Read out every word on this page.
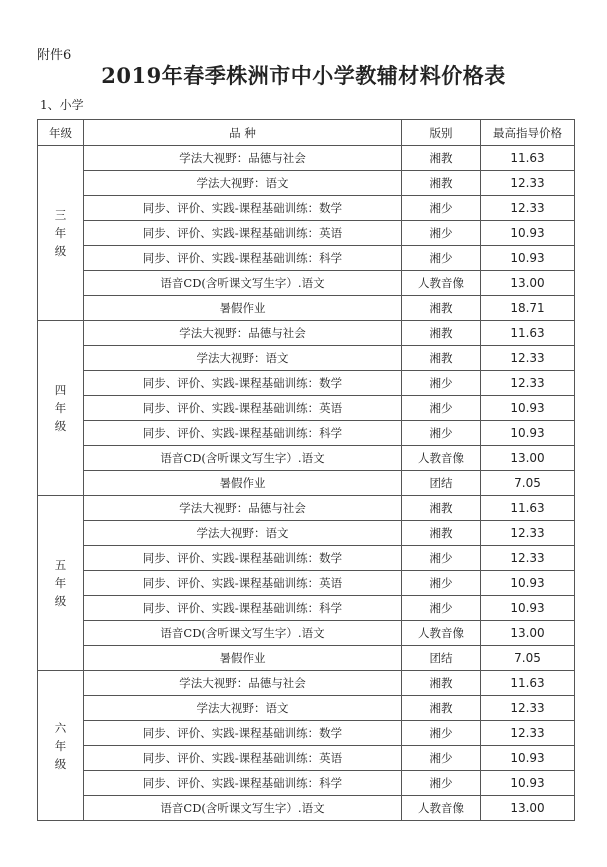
附件6
2019年春季株洲市中小学教辅材料价格表
1、小学
年级	品 种	版别	最高指导价格
三
年
级	学法大视野：品德与社会	湘教	11.63
	学法大视野：语文	湘教	12.33
	同步、评价、实践-课程基础训练：数学	湘少	12.33
	同步、评价、实践-课程基础训练：英语	湘少	10.93
	同步、评价、实践-课程基础训练：科学	湘少	10.93
	语音CD(含听课文写生字）.语文	人教音像	13.00
	暑假作业	湘教	18.71
四
年
级	学法大视野：品德与社会	湘教	11.63
	学法大视野：语文	湘教	12.33
	同步、评价、实践-课程基础训练：数学	湘少	12.33
	同步、评价、实践-课程基础训练：英语	湘少	10.93
	同步、评价、实践-课程基础训练：科学	湘少	10.93
	语音CD(含听课文写生字）.语文	人教音像	13.00
	暑假作业	团结	7.05
五
年
级	学法大视野：品德与社会	湘教	11.63
	学法大视野：语文	湘教	12.33
	同步、评价、实践-课程基础训练：数学	湘少	12.33
	同步、评价、实践-课程基础训练：英语	湘少	10.93
	同步、评价、实践-课程基础训练：科学	湘少	10.93
	语音CD(含听课文写生字）.语文	人教音像	13.00
	暑假作业	团结	7.05
六
年
级	学法大视野：品德与社会	湘教	11.63
	学法大视野：语文	湘教	12.33
	同步、评价、实践-课程基础训练：数学	湘少	12.33
	同步、评价、实践-课程基础训练：英语	湘少	10.93
	同步、评价、实践-课程基础训练：科学	湘少	10.93
	语音CD(含听课文写生字）.语文	人教音像	13.00
